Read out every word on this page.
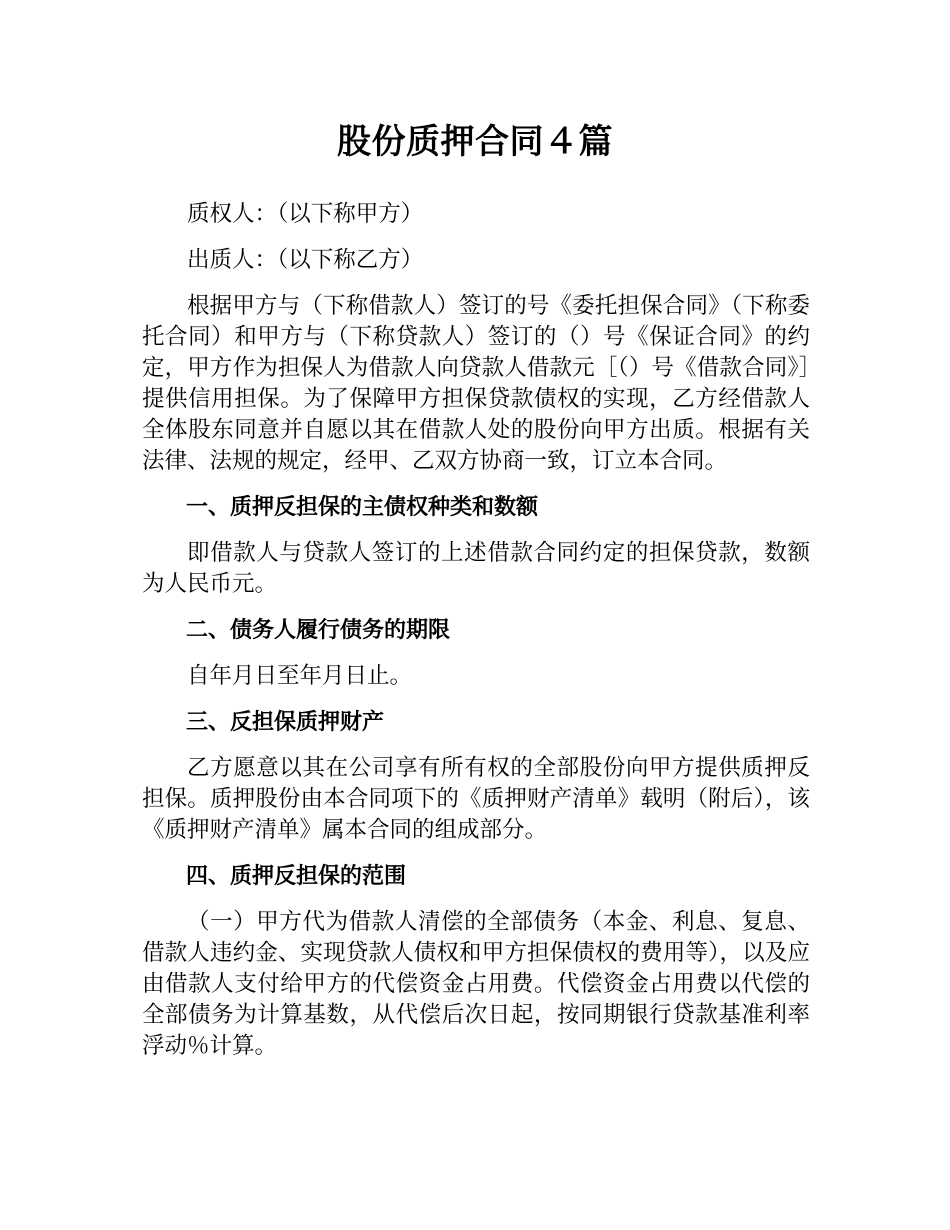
股份质押合同４篇

质权人：（以下称甲方）

出质人：（以下称乙方）

根据甲方与（下称借款人）签订的号《委托担保合同》（下称委托合同）和甲方与（下称贷款人）签订的（）号《保证合同》的约定，甲方作为担保人为借款人向贷款人借款元［（）号《借款合同》］提供信用担保。为了保障甲方担保贷款债权的实现，乙方经借款人全体股东同意并自愿以其在借款人处的股份向甲方出质。根据有关法律、法规的规定，经甲、乙双方协商一致，订立本合同。

一、质押反担保的主债权种类和数额

即借款人与贷款人签订的上述借款合同约定的担保贷款，数额为人民币元。

二、债务人履行债务的期限

自年月日至年月日止。

三、反担保质押财产

乙方愿意以其在公司享有所有权的全部股份向甲方提供质押反担保。质押股份由本合同项下的《质押财产清单》载明（附后），该《质押财产清单》属本合同的组成部分。

四、质押反担保的范围

（一）甲方代为借款人清偿的全部债务（本金、利息、复息、借款人违约金、实现贷款人债权和甲方担保债权的费用等），以及应由借款人支付给甲方的代偿资金占用费。代偿资金占用费以代偿的全部债务为计算基数，从代偿后次日起，按同期银行贷款基准利率浮动％计算。
